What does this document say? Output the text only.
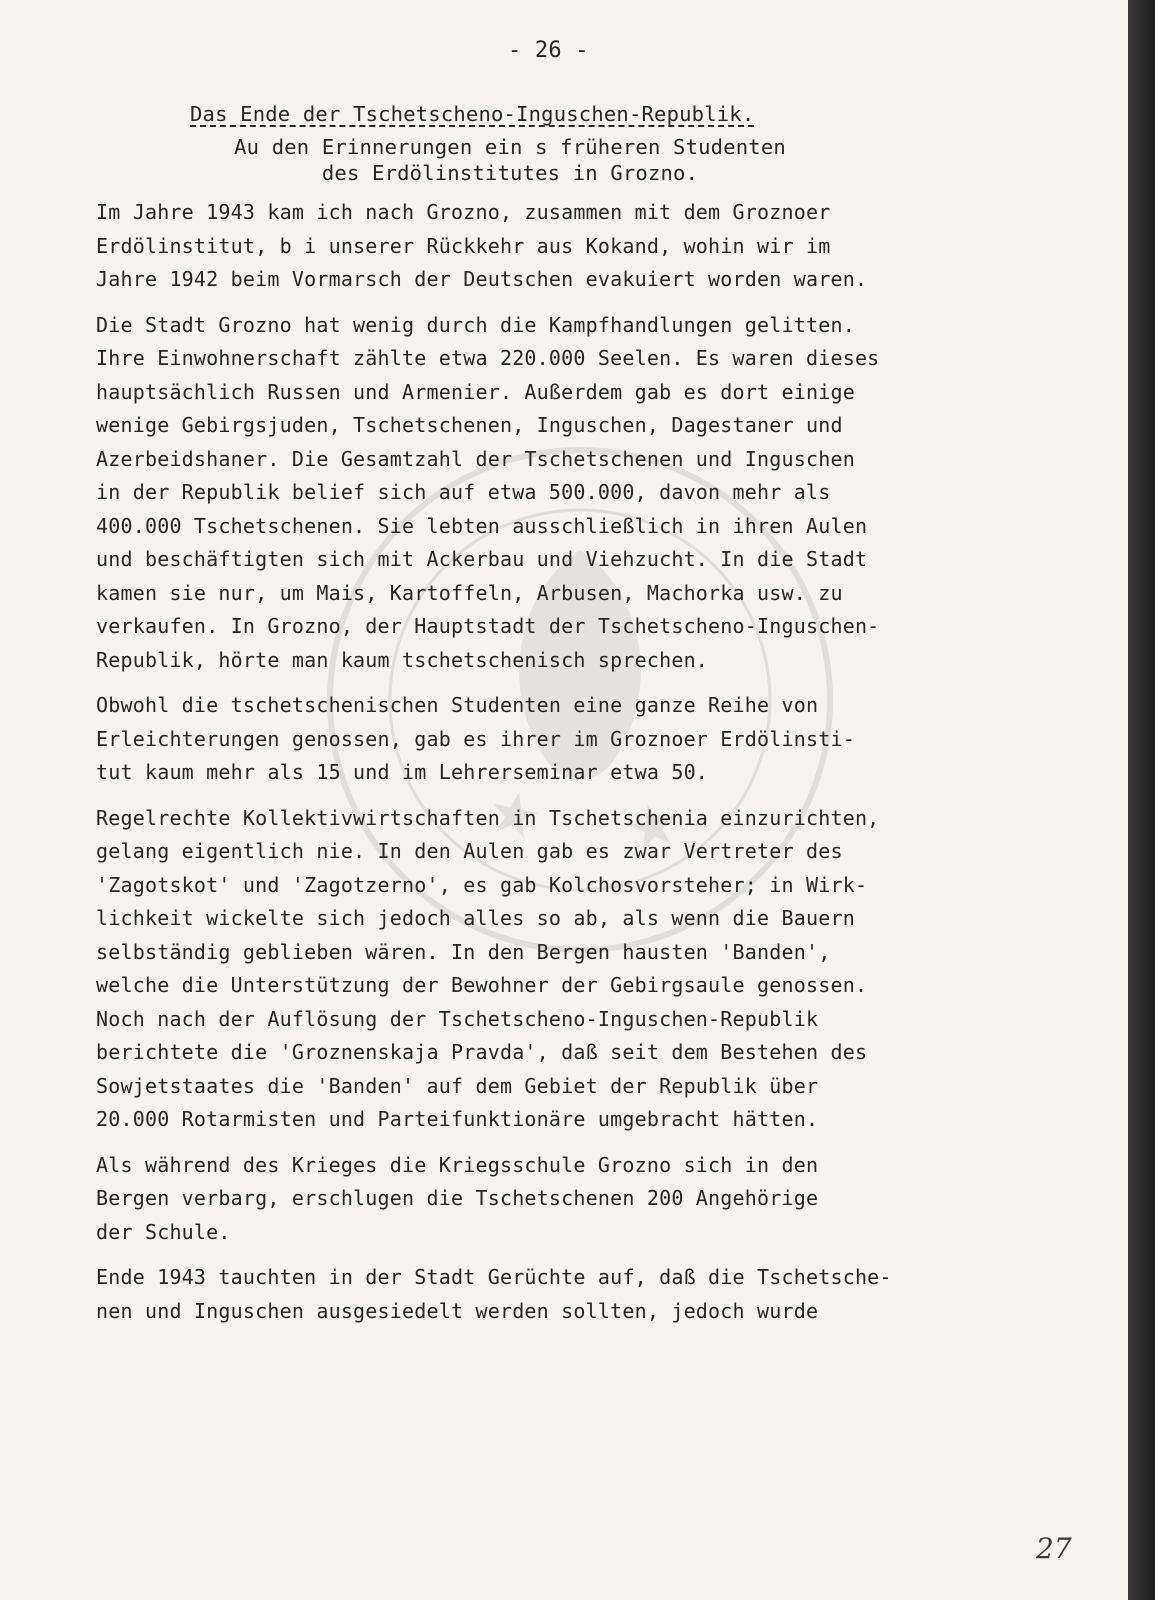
★ ★
- 26 -
Das Ende der Tschetscheno-Inguschen-Republik.
Au den Erinnerungen ein s früheren Studenten
des Erdölinstitutes in Grozno.
Im Jahre 1943 kam ich nach Grozno, zusammen mit dem Groznoer
Erdölinstitut, b i unserer Rückkehr aus Kokand, wohin wir im
Jahre 1942 beim Vormarsch der Deutschen evakuiert worden waren.
Die Stadt Grozno hat wenig durch die Kampfhandlungen gelitten.
Ihre Einwohnerschaft zählte etwa 220.000 Seelen. Es waren dieses
hauptsächlich Russen und Armenier. Außerdem gab es dort einige
wenige Gebirgsjuden, Tschetschenen, Inguschen, Dagestaner und
Azerbeidshaner. Die Gesamtzahl der Tschetschenen und Inguschen
in der Republik belief sich auf etwa 500.000, davon mehr als
400.000 Tschetschenen. Sie lebten ausschließlich in ihren Aulen
und beschäftigten sich mit Ackerbau und Viehzucht. In die Stadt
kamen sie nur, um Mais, Kartoffeln, Arbusen, Machorka usw. zu
verkaufen. In Grozno, der Hauptstadt der Tschetscheno-Inguschen-
Republik, hörte man kaum tschetschenisch sprechen.
Obwohl die tschetschenischen Studenten eine ganze Reihe von
Erleichterungen genossen, gab es ihrer im Groznoer Erdölinsti-
tut kaum mehr als 15 und im Lehrerseminar etwa 50.
Regelrechte Kollektivwirtschaften in Tschetschenia einzurichten,
gelang eigentlich nie. In den Aulen gab es zwar Vertreter des
'Zagotskot' und 'Zagotzerno', es gab Kolchosvorsteher; in Wirk-
lichkeit wickelte sich jedoch alles so ab, als wenn die Bauern
selbständig geblieben wären. In den Bergen hausten 'Banden',
welche die Unterstützung der Bewohner der Gebirgsaule genossen.
Noch nach der Auflösung der Tschetscheno-Inguschen-Republik
berichtete die 'Groznenskaja Pravda', daß seit dem Bestehen des
Sowjetstaates die 'Banden' auf dem Gebiet der Republik über
20.000 Rotarmisten und Parteifunktionäre umgebracht hätten.
Als während des Krieges die Kriegsschule Grozno sich in den
Bergen verbarg, erschlugen die Tschetschenen 200 Angehörige
der Schule.
Ende 1943 tauchten in der Stadt Gerüchte auf, daß die Tschetsche-
nen und Inguschen ausgesiedelt werden sollten, jedoch wurde
27
